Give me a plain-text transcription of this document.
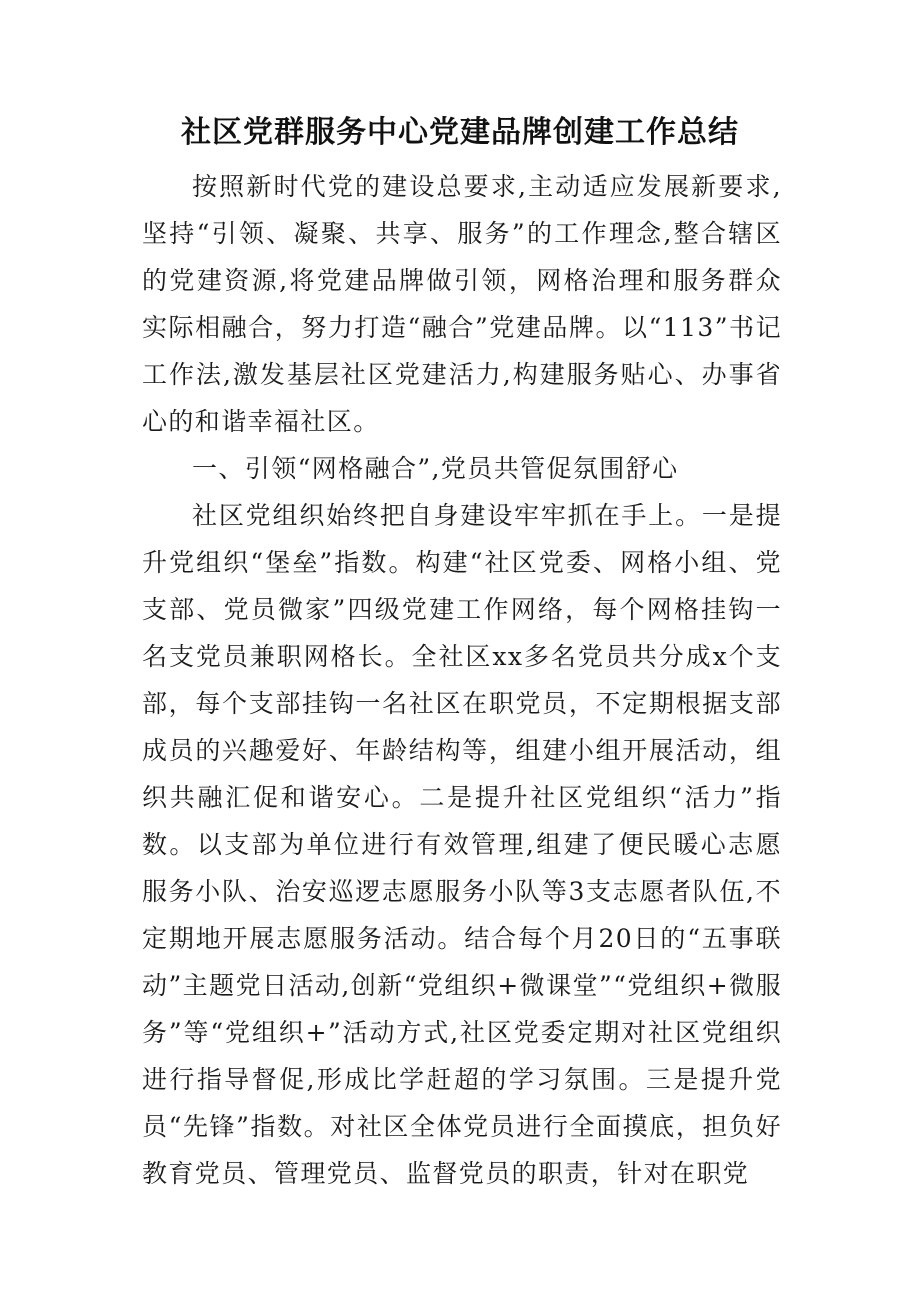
社区党群服务中心党建品牌创建工作总结

按照新时代党的建设总要求,主动适应发展新要求,坚持“引领、凝聚、共享、服务”的工作理念,整合辖区的党建资源,将党建品牌做引领，网格治理和服务群众实际相融合，努力打造“融合”党建品牌。以“113”书记工作法,激发基层社区党建活力,构建服务贴心、办事省心的和谐幸福社区。

一、引领“网格融合”,党员共管促氛围舒心

社区党组织始终把自身建设牢牢抓在手上。一是提升党组织“堡垒”指数。构建“社区党委、网格小组、党支部、党员微家”四级党建工作网络，每个网格挂钩一名支党员兼职网格长。全社区xx多名党员共分成x个支部，每个支部挂钩一名社区在职党员，不定期根据支部成员的兴趣爱好、年龄结构等，组建小组开展活动，组织共融汇促和谐安心。二是提升社区党组织“活力”指数。以支部为单位进行有效管理,组建了便民暖心志愿服务小队、治安巡逻志愿服务小队等3支志愿者队伍,不定期地开展志愿服务活动。结合每个月20日的“五事联动”主题党日活动,创新“党组织+微课堂”“党组织+微服务”等“党组织+”活动方式,社区党委定期对社区党组织进行指导督促,形成比学赶超的学习氛围。三是提升党员“先锋”指数。对社区全体党员进行全面摸底，担负好教育党员、管理党员、监督党员的职责，针对在职党
